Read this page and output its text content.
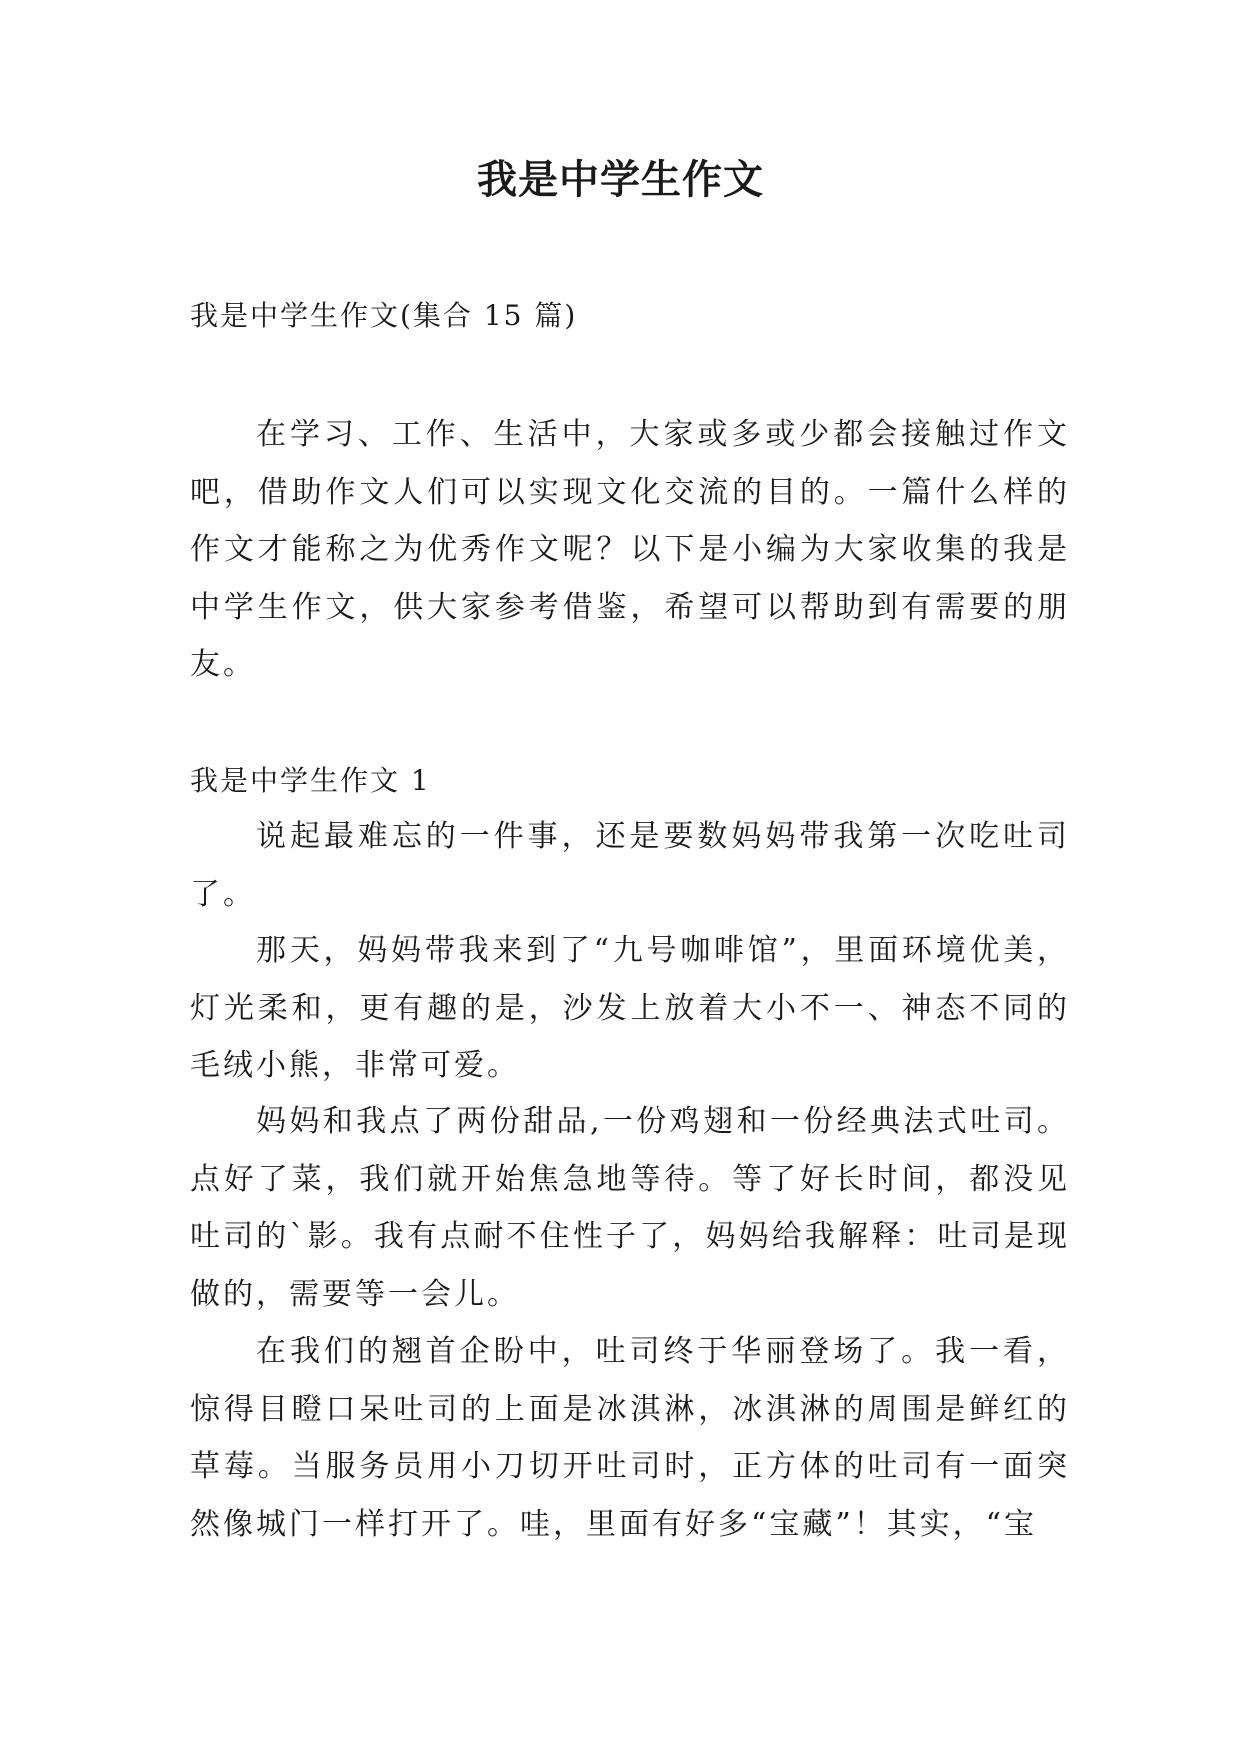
我是中学生作文

我是中学生作文(集合 15 篇)

在学习、工作、生活中，大家或多或少都会接触过作文吧，借助作文人们可以实现文化交流的目的。一篇什么样的作文才能称之为优秀作文呢？以下是小编为大家收集的我是中学生作文，供大家参考借鉴，希望可以帮助到有需要的朋友。

我是中学生作文 1

说起最难忘的一件事，还是要数妈妈带我第一次吃吐司了。

那天，妈妈带我来到了“九号咖啡馆”，里面环境优美，灯光柔和，更有趣的是，沙发上放着大小不一、神态不同的毛绒小熊，非常可爱。

妈妈和我点了两份甜品,一份鸡翅和一份经典法式吐司。点好了菜，我们就开始焦急地等待。等了好长时间，都没见吐司的`影。我有点耐不住性子了，妈妈给我解释：吐司是现做的，需要等一会儿。

在我们的翘首企盼中，吐司终于华丽登场了。我一看，惊得目瞪口呆吐司的上面是冰淇淋，冰淇淋的周围是鲜红的草莓。当服务员用小刀切开吐司时，正方体的吐司有一面突然像城门一样打开了。哇，里面有好多“宝藏”！其实，“宝
